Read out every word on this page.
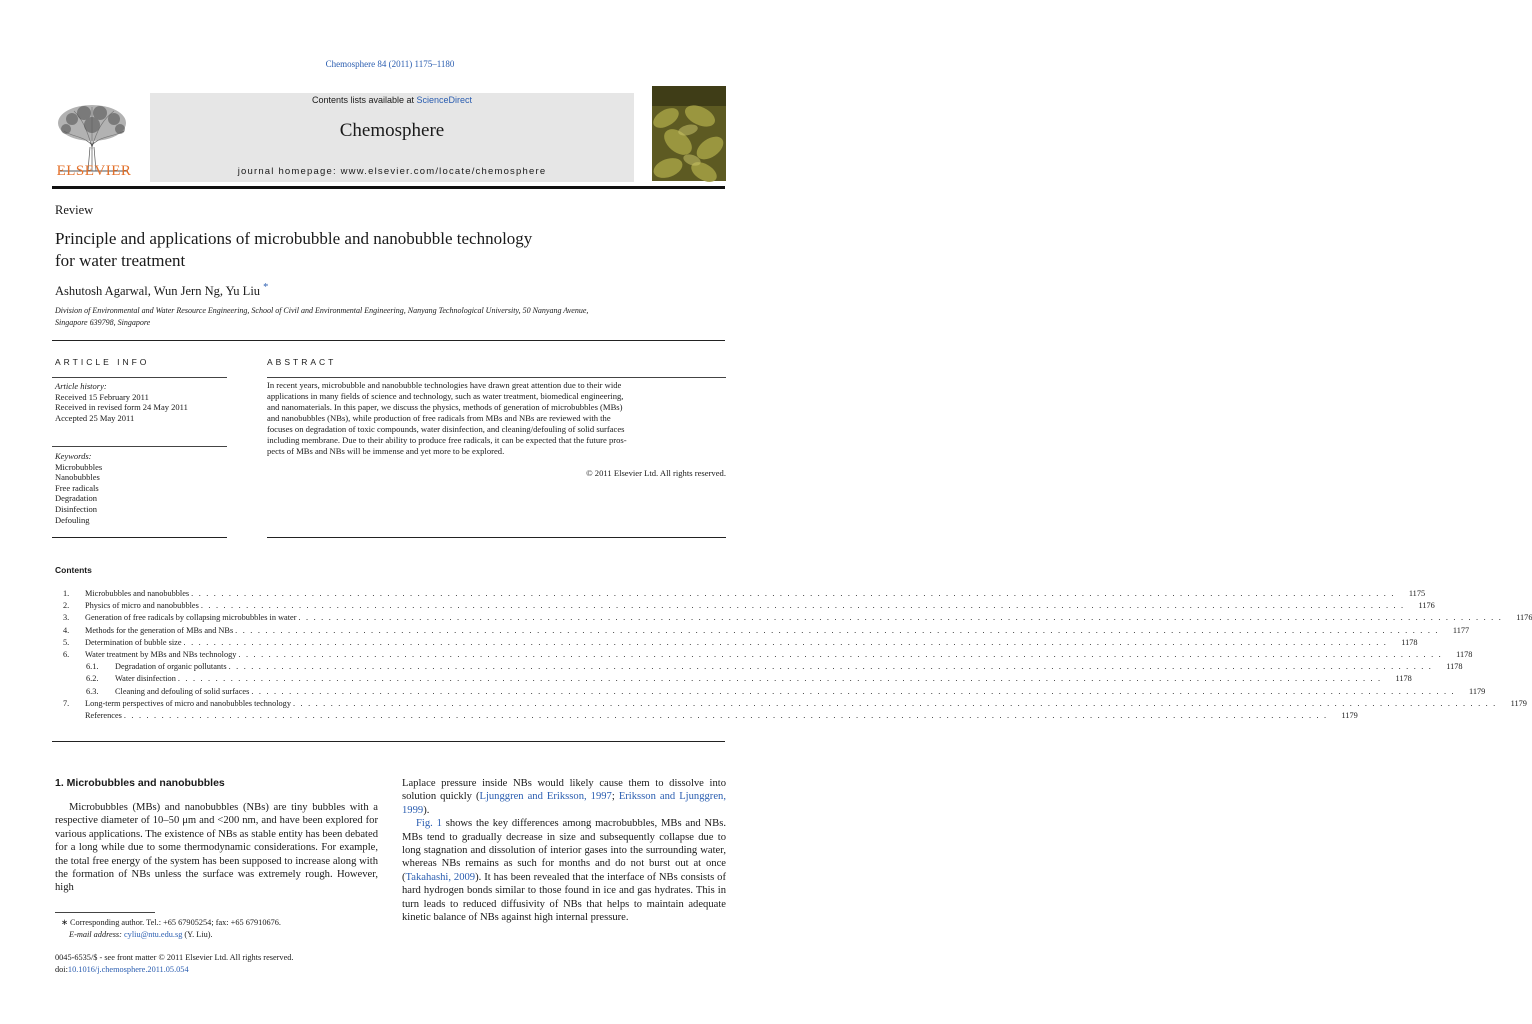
Chemosphere 84 (2011) 1175–1180
ELSEVIER
Contents lists available at ScienceDirect
Chemosphere
journal homepage: www.elsevier.com/locate/chemosphere
Review
Principle and applications of microbubble and nanobubble technology
for water treatment
Ashutosh Agarwal, Wun Jern Ng, Yu Liu *
Division of Environmental and Water Resource Engineering, School of Civil and Environmental Engineering, Nanyang Technological University, 50 Nanyang Avenue,
Singapore 639798, Singapore
ARTICLE INFO	ABSTRACT
Article history:
Received 15 February 2011
Received in revised form 24 May 2011
Accepted 25 May 2011
Keywords:
Microbubbles
Nanobubbles
Free radicals
Degradation
Disinfection
Defouling
In recent years, microbubble and nanobubble technologies have drawn great attention due to their wide
applications in many fields of science and technology, such as water treatment, biomedical engineering,
and nanomaterials. In this paper, we discuss the physics, methods of generation of microbubbles (MBs)
and nanobubbles (NBs), while production of free radicals from MBs and NBs are reviewed with the
focuses on degradation of toxic compounds, water disinfection, and cleaning/defouling of solid surfaces
including membrane. Due to their ability to produce free radicals, it can be expected that the future pros-
pects of MBs and NBs will be immense and yet more to be explored.
© 2011 Elsevier Ltd. All rights reserved.
Contents
1.	Microbubbles and nanobubbles . . . . . . . . . . . . . . . . . . . . . . . . . . . . . . . . . . . . . . . . . . . . . . . . . . . . . . . . . . . . . . . . . . . . . . . . . . . . . . . . . . . . . . . . . . . . . . . . . . . . . . . . . . . . . . . . . . . . . . . . . . . . . . . . . . . . . . . . . . . . . . . . . . . . . . . . . . . . . . . .	1175
2.	Physics of micro and nanobubbles . . . . . . . . . . . . . . . . . . . . . . . . . . . . . . . . . . . . . . . . . . . . . . . . . . . . . . . . . . . . . . . . . . . . . . . . . . . . . . . . . . . . . . . . . . . . . . . . . . . . . . . . . . . . . . . . . . . . . . . . . . . . . . . . . . . . . . . . . . . . . . . . . . . . . . . . . . . . . . . .	1176
3.	Generation of free radicals by collapsing microbubbles in water . . . . . . . . . . . . . . . . . . . . . . . . . . . . . . . . . . . . . . . . . . . . . . . . . . . . . . . . . . . . . . . . . . . . . . . . . . . . . . . . . . . . . . . . . . . . . . . . . . . . . . . . . . . . . . . . . . . . . . . . . . . . . . . . . . . . . . . . . . . . . . . . . . . . . . . . . . . . . . . .	1176
4.	Methods for the generation of MBs and NBs . . . . . . . . . . . . . . . . . . . . . . . . . . . . . . . . . . . . . . . . . . . . . . . . . . . . . . . . . . . . . . . . . . . . . . . . . . . . . . . . . . . . . . . . . . . . . . . . . . . . . . . . . . . . . . . . . . . . . . . . . . . . . . . . . . . . . . . . . . . . . . . . . . . . . . . . . . . . . . . .	1177
5.	Determination of bubble size . . . . . . . . . . . . . . . . . . . . . . . . . . . . . . . . . . . . . . . . . . . . . . . . . . . . . . . . . . . . . . . . . . . . . . . . . . . . . . . . . . . . . . . . . . . . . . . . . . . . . . . . . . . . . . . . . . . . . . . . . . . . . . . . . . . . . . . . . . . . . . . . . . . . . . . . . . . . . . . .	1178
6.	Water treatment by MBs and NBs technology . . . . . . . . . . . . . . . . . . . . . . . . . . . . . . . . . . . . . . . . . . . . . . . . . . . . . . . . . . . . . . . . . . . . . . . . . . . . . . . . . . . . . . . . . . . . . . . . . . . . . . . . . . . . . . . . . . . . . . . . . . . . . . . . . . . . . . . . . . . . . . . . . . . . . . . . . . . . . . . .	1178
6.1.	Degradation of organic pollutants . . . . . . . . . . . . . . . . . . . . . . . . . . . . . . . . . . . . . . . . . . . . . . . . . . . . . . . . . . . . . . . . . . . . . . . . . . . . . . . . . . . . . . . . . . . . . . . . . . . . . . . . . . . . . . . . . . . . . . . . . . . . . . . . . . . . . . . . . . . . . . . . . . . . . . . . . . . . . . . .	1178
6.2.	Water disinfection . . . . . . . . . . . . . . . . . . . . . . . . . . . . . . . . . . . . . . . . . . . . . . . . . . . . . . . . . . . . . . . . . . . . . . . . . . . . . . . . . . . . . . . . . . . . . . . . . . . . . . . . . . . . . . . . . . . . . . . . . . . . . . . . . . . . . . . . . . . . . . . . . . . . . . . . . . . . . . . .	1178
6.3.	Cleaning and defouling of solid surfaces . . . . . . . . . . . . . . . . . . . . . . . . . . . . . . . . . . . . . . . . . . . . . . . . . . . . . . . . . . . . . . . . . . . . . . . . . . . . . . . . . . . . . . . . . . . . . . . . . . . . . . . . . . . . . . . . . . . . . . . . . . . . . . . . . . . . . . . . . . . . . . . . . . . . . . . . . . . . . . . .	1179
7.	Long-term perspectives of micro and nanobubbles technology . . . . . . . . . . . . . . . . . . . . . . . . . . . . . . . . . . . . . . . . . . . . . . . . . . . . . . . . . . . . . . . . . . . . . . . . . . . . . . . . . . . . . . . . . . . . . . . . . . . . . . . . . . . . . . . . . . . . . . . . . . . . . . . . . . . . . . . . . . . . . . . . . . . . . . . . . . . . . . . .	1179
References . . . . . . . . . . . . . . . . . . . . . . . . . . . . . . . . . . . . . . . . . . . . . . . . . . . . . . . . . . . . . . . . . . . . . . . . . . . . . . . . . . . . . . . . . . . . . . . . . . . . . . . . . . . . . . . . . . . . . . . . . . . . . . . . . . . . . . . . . . . . . . . . . . . . . . . . . . . . . . . .	1179
1. Microbubbles and nanobubbles
Microbubbles (MBs) and nanobubbles (NBs) are tiny bubbles with a respective diameter of 10–50 μm and <200 nm, and have been explored for various applications. The existence of NBs as stable entity has been debated for a long while due to some thermodynamic considerations. For example, the total free energy of the system has been supposed to increase along with the formation of NBs unless the surface was extremely rough. However, high

Laplace pressure inside NBs would likely cause them to dissolve into solution quickly (Ljunggren and Eriksson, 1997; Eriksson and Ljunggren, 1999).

Fig. 1 shows the key differences among macrobubbles, MBs and NBs. MBs tend to gradually decrease in size and subsequently collapse due to long stagnation and dissolution of interior gases into the surrounding water, whereas NBs remains as such for months and do not burst out at once (Takahashi, 2009). It has been revealed that the interface of NBs consists of hard hydrogen bonds similar to those found in ice and gas hydrates. This in turn leads to reduced diffusivity of NBs that helps to maintain adequate kinetic balance of NBs against high internal pressure.

∗ Corresponding author. Tel.: +65 67905254; fax: +65 67910676.
E-mail address: cyliu@ntu.edu.sg (Y. Liu).
0045-6535/$ - see front matter © 2011 Elsevier Ltd. All rights reserved.
doi:10.1016/j.chemosphere.2011.05.054
